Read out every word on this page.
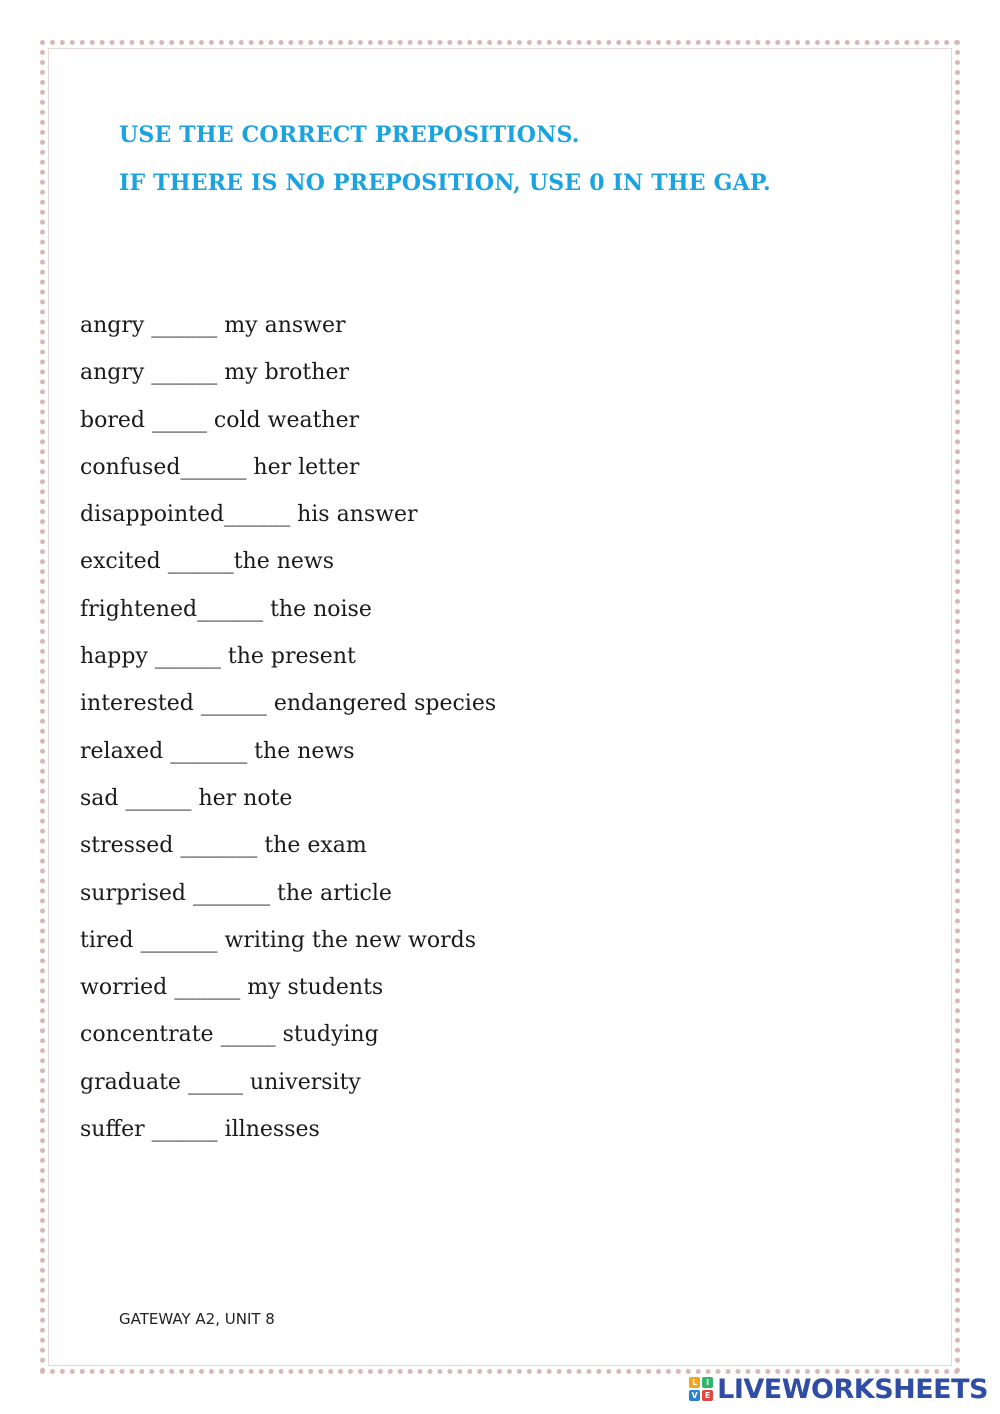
USE THE CORRECT PREPOSITIONS.
IF THERE IS NO PREPOSITION, USE 0 IN THE GAP.
angry ______ my answer
angry ______ my brother
bored _____ cold weather
confused______ her letter
disappointed______ his answer
excited ______the news
frightened______ the noise
happy ______ the present
interested ______ endangered species
relaxed _______ the news
sad ______ her note
stressed _______ the exam
surprised _______ the article
tired _______ writing the new words
worried ______ my students
concentrate _____ studying
graduate _____ university
suffer ______ illnesses
GATEWAY A2, UNIT 8
L	I
V E LIVEWORKSHEETS
